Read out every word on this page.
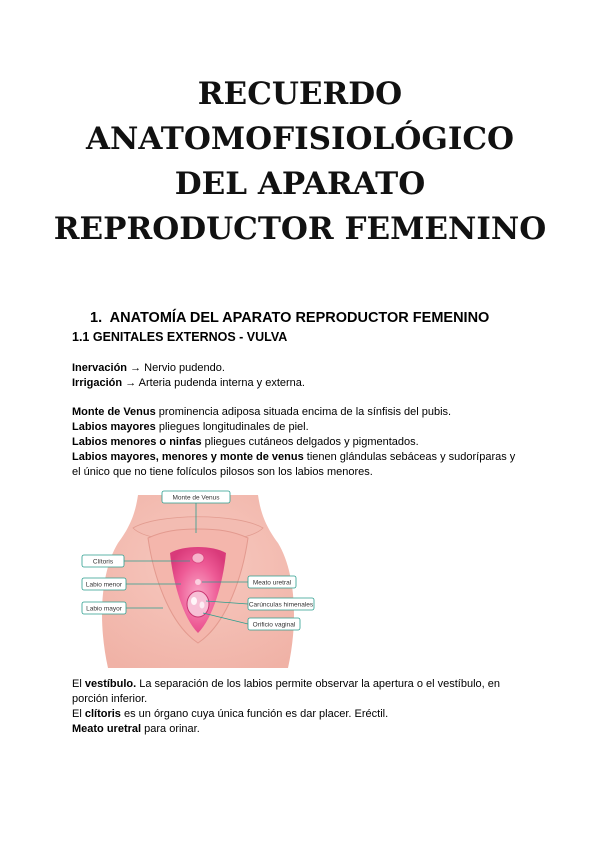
RECUERDO
ANATOMOFISIOLÓGICO
DEL APARATO
REPRODUCTOR FEMENINO
1. ANATOMÍA DEL APARATO REPRODUCTOR FEMENINO
1.1 GENITALES EXTERNOS - VULVA
Inervación → Nervio pudendo.
Irrigación → Arteria pudenda interna y externa.
Monte de Venus prominencia adiposa situada encima de la sínfisis del pubis.
Labios mayores pliegues longitudinales de piel.
Labios menores o ninfas pliegues cutáneos delgados y pigmentados.
Labios mayores, menores y monte de venus tienen glándulas sebáceas y sudoríparas y
el único que no tiene folículos pilosos son los labios menores.
Monte de Venus
Clítoris
Labio menor
Labio mayor
Meato uretral
Carúnculas himenales
Orificio vaginal
El vestíbulo. La separación de los labios permite observar la apertura o el vestíbulo, en
porción inferior.
El clítoris es un órgano cuya única función es dar placer. Eréctil.
Meato uretral para orinar.
